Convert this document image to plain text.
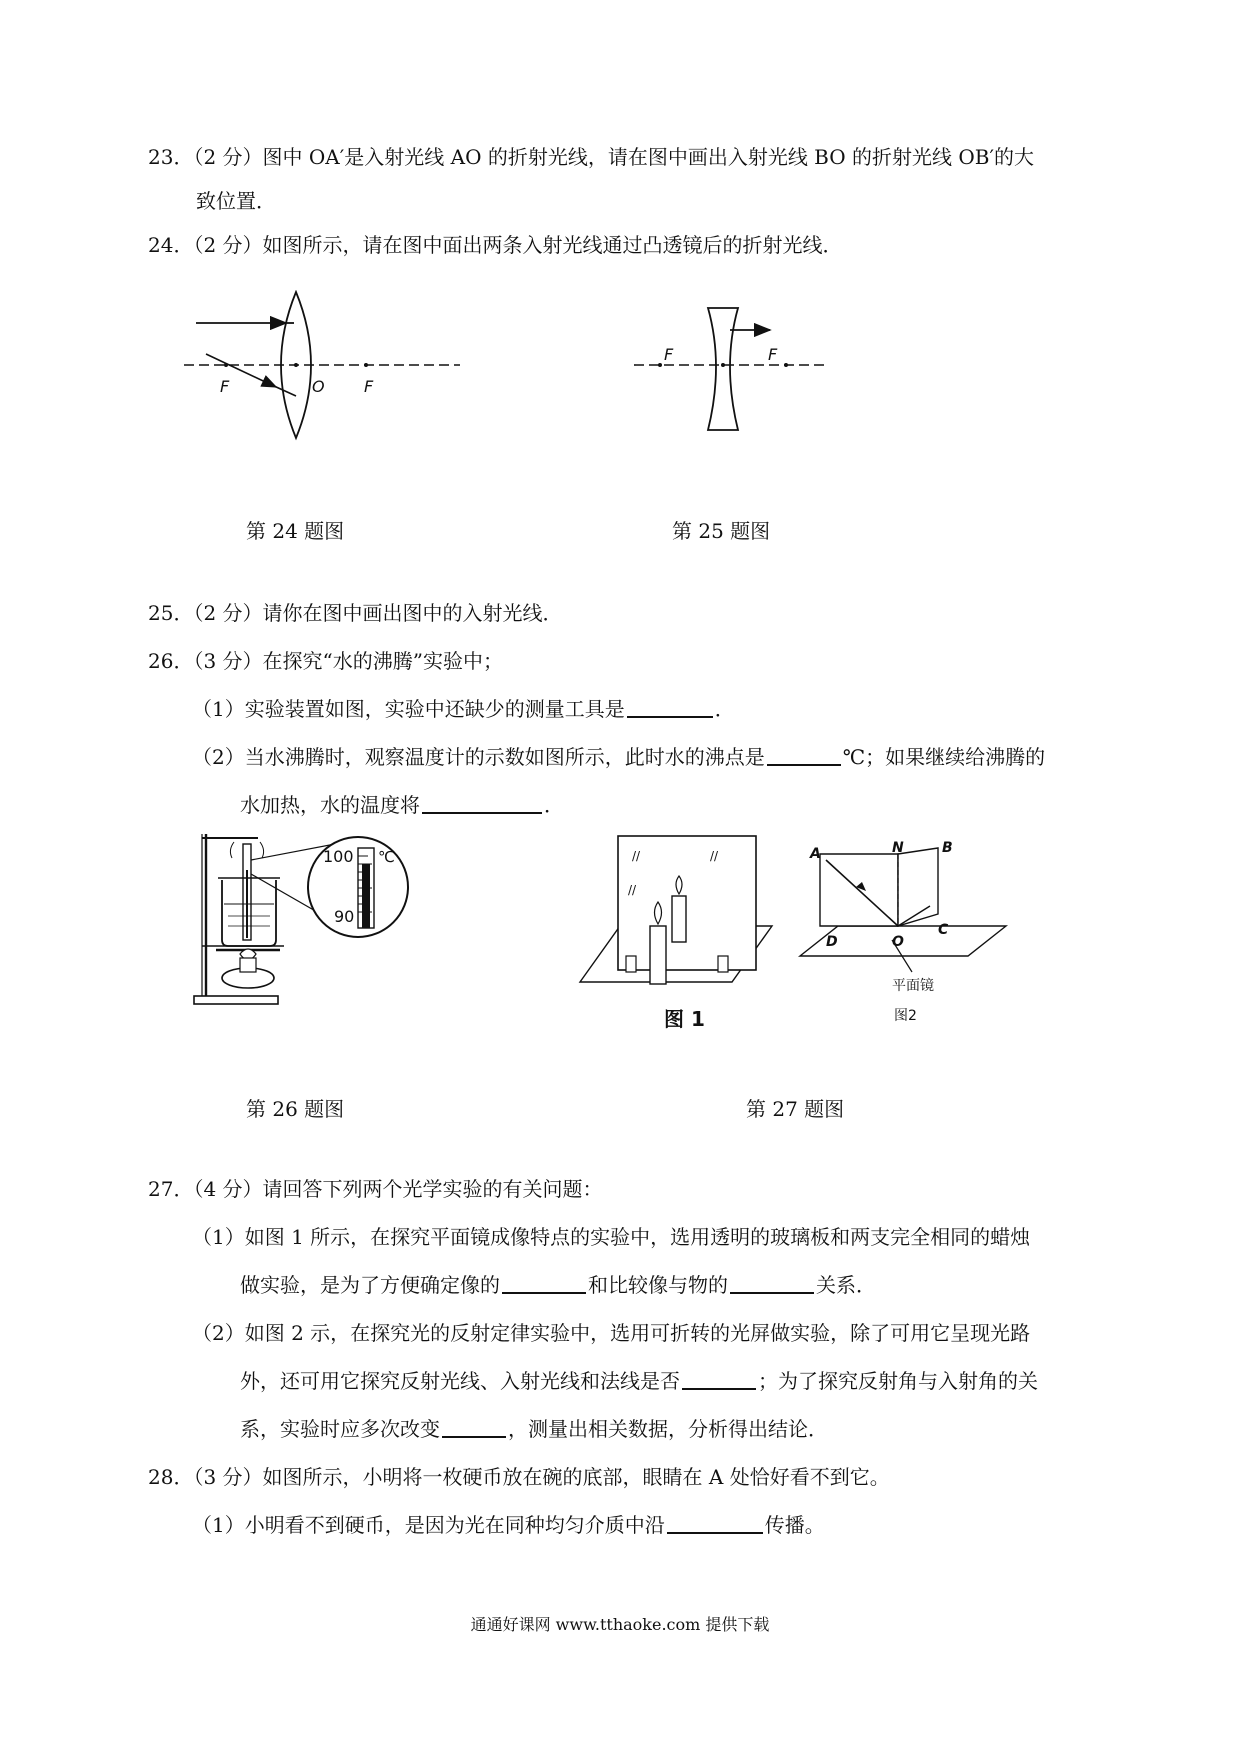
23．（2 分）图中 OA′是入射光线 AO 的折射光线，请在图中画出入射光线 BO 的折射光线 OB′的大
致位置．
24．（2 分）如图所示，请在图中面出两条入射光线通过凸透镜后的折射光线．
F	O F
F	F
第 24 题图	第 25 题图
25．（2 分）请你在图中画出图中的入射光线．
26．（3 分）在探究“水的沸腾”实验中；
（1）实验装置如图，实验中还缺少的测量工具是	．
（2）当水沸腾时，观察温度计的示数如图所示，此时水的沸点是	℃；如果继续给沸腾的
水加热，水的温度将	．
100 ℃
90
//	//
//
图 1
A	N	B
D	O
C
平面镜
图2
第 26 题图	第 27 题图
27．（4 分）请回答下列两个光学实验的有关问题：
（1）如图 1 所示，在探究平面镜成像特点的实验中，选用透明的玻璃板和两支完全相同的蜡烛
做实验，是为了方便确定像的	和比较像与物的	关系．
（2）如图 2 示，在探究光的反射定律实验中，选用可折转的光屏做实验，除了可用它呈现光路
外，还可用它探究反射光线、入射光线和法线是否	；为了探究反射角与入射角的关
系，实验时应多次改变	，测量出相关数据，分析得出结论．
28．（3 分）如图所示，小明将一枚硬币放在碗的底部，眼睛在 A 处恰好看不到它。
（1）小明看不到硬币，是因为光在同种均匀介质中沿	传播。
通通好课网 www.tthaoke.com 提供下载
